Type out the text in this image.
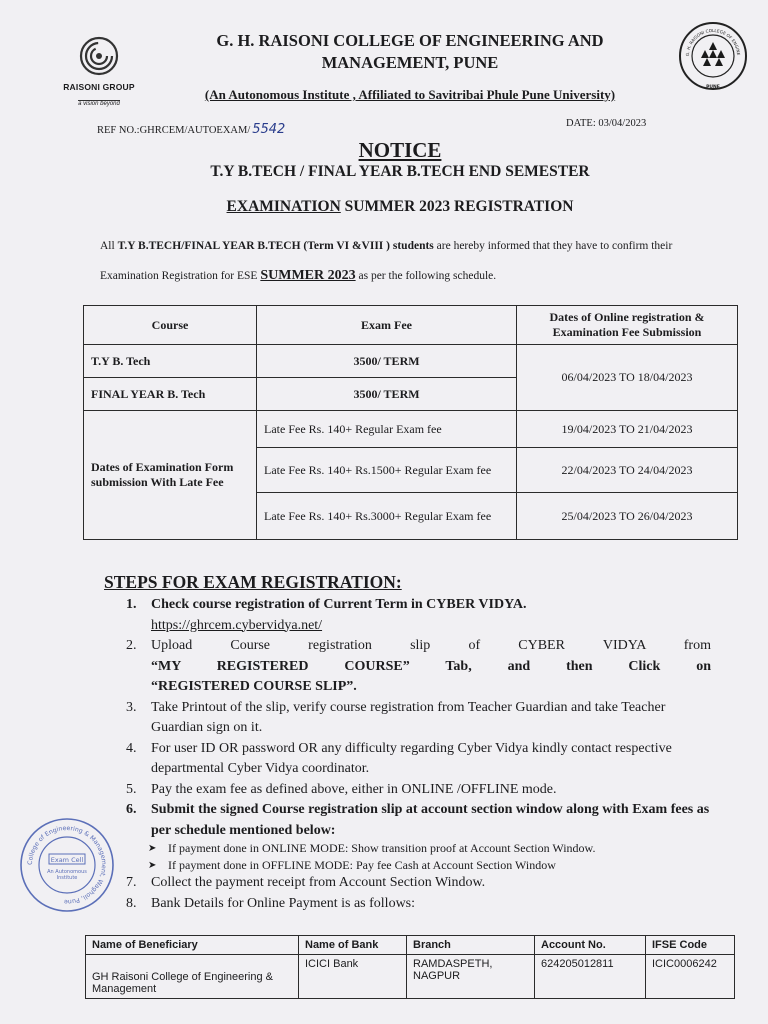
RAISONI GROUP
a vision beyond
G. H. RAISONI COLLEGE OF ENGINE
PUNE
G. H. RAISONI COLLEGE OF ENGINEERING AND
MANAGEMENT, PUNE
(An Autonomous Institute , Affiliated to Savitribai Phule Pune University)
REF NO.:GHRCEM/AUTOEXAM/ 5542	DATE: 03/04/2023
NOTICE
T.Y B.TECH / FINAL YEAR B.TECH END SEMESTER
EXAMINATION SUMMER 2023 REGISTRATION
All T.Y B.TECH/FINAL YEAR B.TECH (Term VI &VIII ) students are hereby informed that they have to confirm their Examination Registration for ESE SUMMER 2023 as per the following schedule.
Course	Exam Fee	Dates of Online registration & Examination Fee Submission
T.Y B. Tech	3500/ TERM	06/04/2023 TO 18/04/2023
FINAL YEAR B. Tech	3500/ TERM	
Dates of Examination Form submission With Late Fee	Late Fee Rs. 140+ Regular Exam fee	19/04/2023 TO 21/04/2023
	Late Fee Rs. 140+ Rs.1500+ Regular Exam fee	22/04/2023 TO 24/04/2023
	Late Fee Rs. 140+ Rs.3000+ Regular Exam fee	25/04/2023 TO 26/04/2023
STEPS FOR EXAM REGISTRATION:
1. Check course registration of Current Term in CYBER VIDYA.
https://ghrcem.cybervidya.net/
2. Upload Course registration slip of CYBER VIDYA from
“MY REGISTERED COURSE” Tab, and then Click on
“REGISTERED COURSE SLIP”.
3. Take Printout of the slip, verify course registration from Teacher Guardian and take Teacher Guardian sign on it.
4. For user ID OR password OR any difficulty regarding Cyber Vidya kindly contact respective departmental Cyber Vidya coordinator.
5. Pay the exam fee as defined above, either in ONLINE /OFFLINE mode.
6. Submit the signed Course registration slip at account section window along with Exam fees as per schedule mentioned below:
➤ If payment done in ONLINE MODE: Show transition proof at Account Section Window.
➤ If payment done in OFFLINE MODE: Pay fee Cash at Account Section Window
7. Collect the payment receipt from Account Section Window.
8. Bank Details for Online Payment is as follows:
College of Engineering & Management, Wagholi, Pune
Exam Cell
An Autonomous
Institute
Name of Beneficiary	Name of Bank	Branch	Account No.	IFSE Code
GH Raisoni College of Engineering & Management	ICICI Bank	RAMDASPETH, NAGPUR	624205012811	ICIC0006242
